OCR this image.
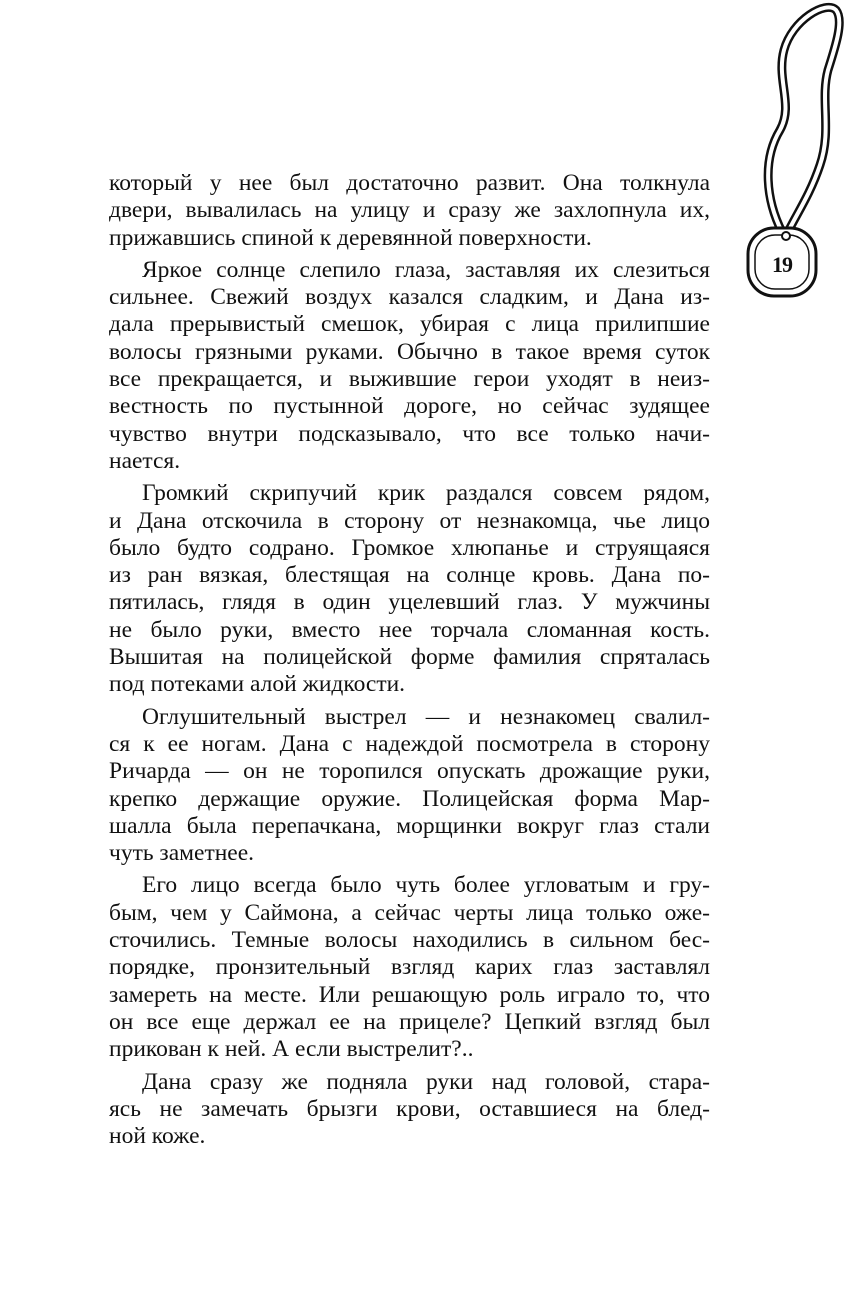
19
который у нее был достаточно развит. Она толкнула
двери, вывалилась на улицу и сразу же захлопнула их,
прижавшись спиной к деревянной поверхности.
Яркое солнце слепило глаза, заставляя их слезиться
сильнее. Свежий воздух казался сладким, и Дана из-
дала прерывистый смешок, убирая с лица прилипшие
волосы грязными руками. Обычно в такое время суток
все прекращается, и выжившие герои уходят в неиз-
вестность по пустынной дороге, но сейчас зудящее
чувство внутри подсказывало, что все только начи-
нается.
Громкий скрипучий крик раздался совсем рядом,
и Дана отскочила в сторону от незнакомца, чье лицо
было будто содрано. Громкое хлюпанье и струящаяся
из ран вязкая, блестящая на солнце кровь. Дана по-
пятилась, глядя в один уцелевший глаз. У мужчины
не было руки, вместо нее торчала сломанная кость.
Вышитая на полицейской форме фамилия спряталась
под потеками алой жидкости.
Оглушительный выстрел — и незнакомец свалил-
ся к ее ногам. Дана с надеждой посмотрела в сторону
Ричарда — он не торопился опускать дрожащие руки,
крепко держащие оружие. Полицейская форма Мар-
шалла была перепачкана, морщинки вокруг глаз стали
чуть заметнее.
Его лицо всегда было чуть более угловатым и гру-
бым, чем у Саймона, а сейчас черты лица только оже-
сточились. Темные волосы находились в сильном бес-
порядке, пронзительный взгляд карих глаз заставлял
замереть на месте. Или решающую роль играло то, что
он все еще держал ее на прицеле? Цепкий взгляд был
прикован к ней. А если выстрелит?..
Дана сразу же подняла руки над головой, стара-
ясь не замечать брызги крови, оставшиеся на блед-
ной коже.
